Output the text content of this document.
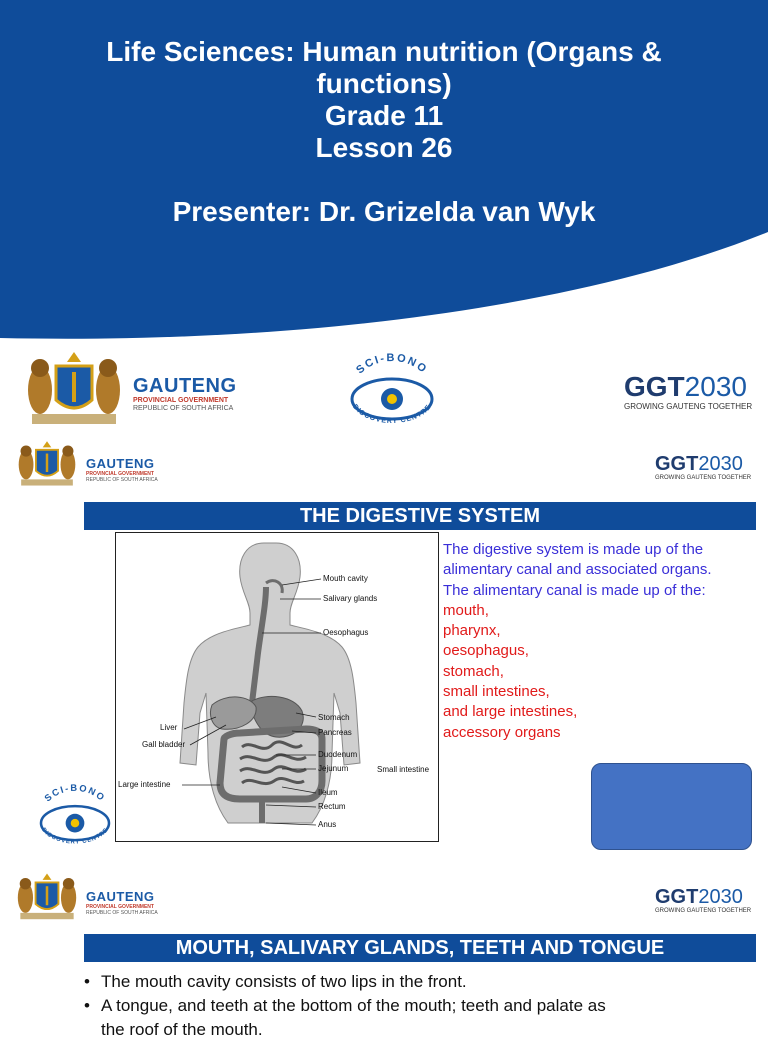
Life Sciences: Human nutrition (Organs &
functions)
Grade 11
Lesson 26
Presenter: Dr. Grizelda van Wyk
GAUTENG
PROVINCIAL GOVERNMENT
REPUBLIC OF SOUTH AFRICA
SCI-BONO
DISCOVERY CENTRE
GGT2030
GROWING GAUTENG TOGETHER
GAUTENG
PROVINCIAL GOVERNMENT
REPUBLIC OF SOUTH AFRICA
GGT2030
GROWING GAUTENG TOGETHER
THE DIGESTIVE SYSTEM
Mouth cavity
Salivary glands
Oesophagus
Liver
Gall bladder
Large intestine
Stomach
Pancreas
Duodenum
Jejunum	Small intestine
Ileum
Rectum
Anus
The digestive system is made up of the
alimentary canal and associated organs.
The alimentary canal is made up of the:
mouth,
pharynx,
oesophagus,
stomach,
small intestines,
and large intestines,
accessory organs
SCI-BONO
DISCOVERY CENTRE
GAUTENG
PROVINCIAL GOVERNMENT
REPUBLIC OF SOUTH AFRICA
GGT2030
GROWING GAUTENG TOGETHER
MOUTH, SALIVARY GLANDS, TEETH AND TONGUE
• The mouth cavity consists of two lips in the front.
• A tongue, and teeth at the bottom of the mouth; teeth and palate as
the roof of the mouth.
